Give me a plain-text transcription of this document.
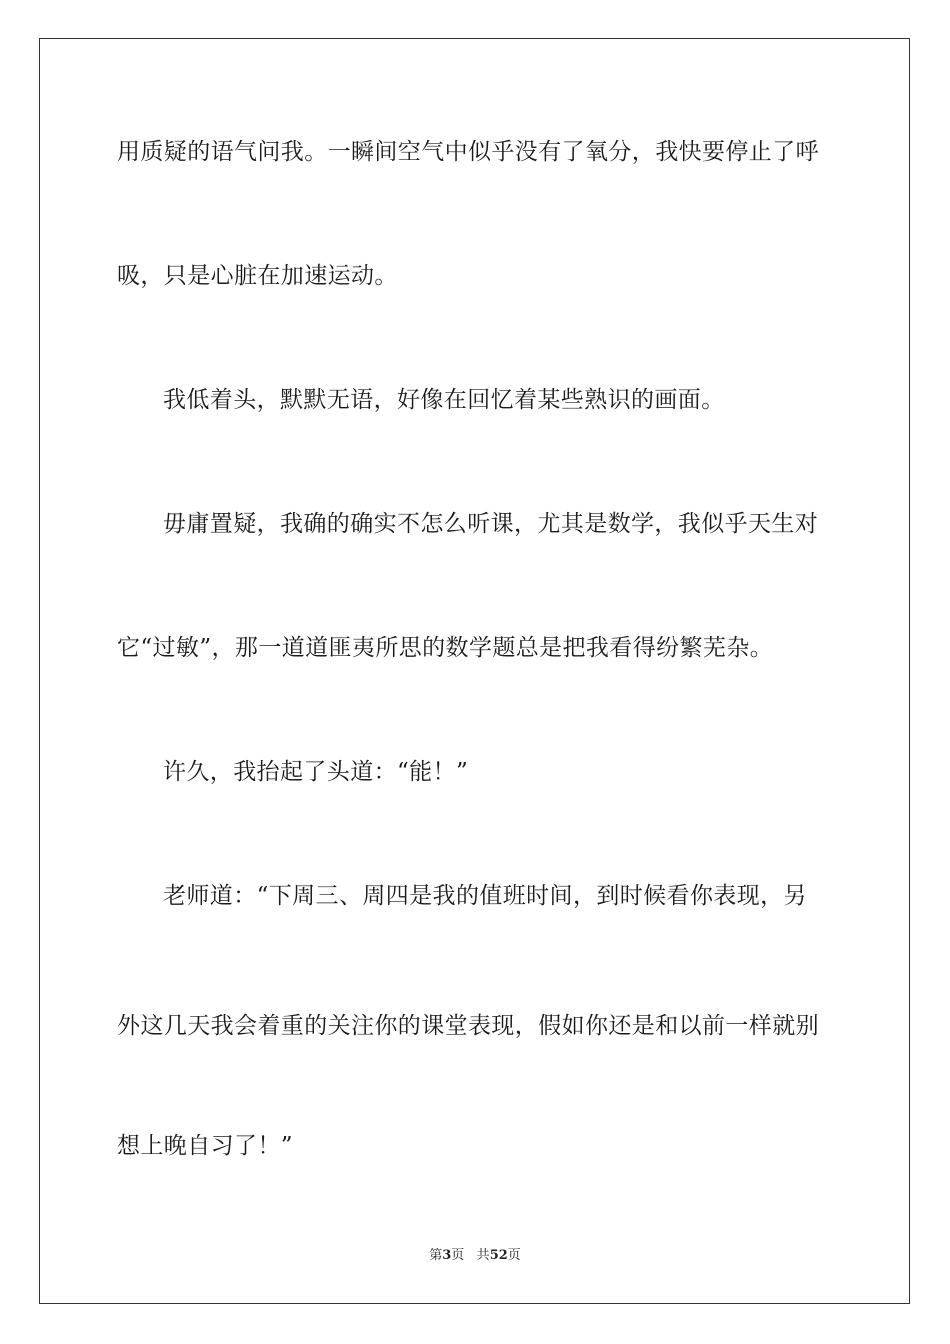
用质疑的语气问我。一瞬间空气中似乎没有了氧分，我快要停止了呼
吸，只是心脏在加速运动。
我低着头，默默无语，好像在回忆着某些熟识的画面。
毋庸置疑，我确的确实不怎么听课，尤其是数学，我似乎天生对
它“过敏”，那一道道匪夷所思的数学题总是把我看得纷繁芜杂。
许久，我抬起了头道：“能！”
老师道：“下周三、周四是我的值班时间，到时候看你表现，另
外这几天我会着重的关注你的课堂表现，假如你还是和以前一样就别
想上晚自习了！”
第3页 共52页
